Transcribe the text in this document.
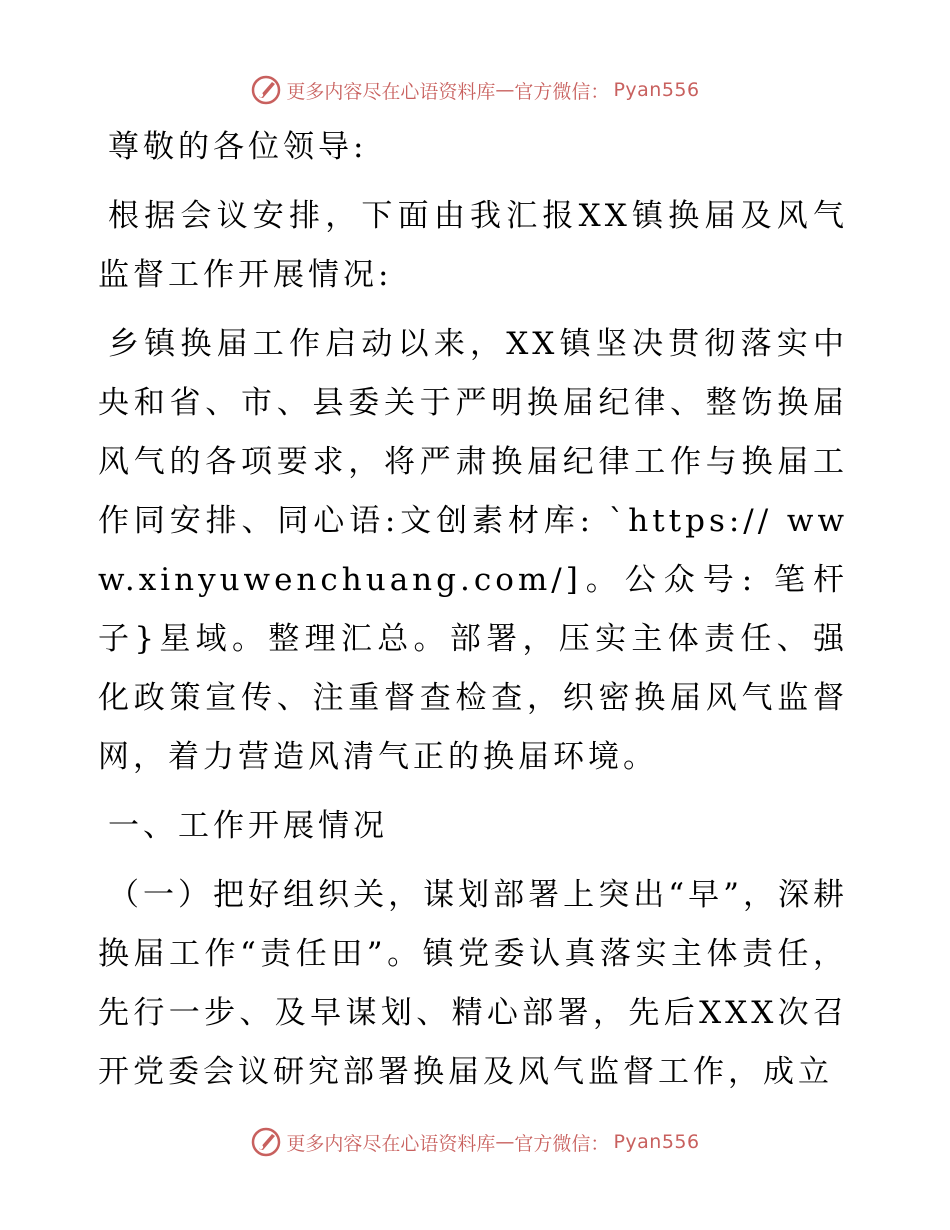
更多内容尽在心语资料库 — 官方微信 ： Pyan556

尊敬的各位领导:

根据会议安排，下面由我汇报XX镇换届及风气监督工作开展情况:

乡镇换届工作启动以来，XX镇坚决贯彻落实中央和省、市、县委关于严明换届纪律、整饬换届风气的各项要求，将严肃换届纪律工作与换届工作同安排、同心语:文创素材库: `https:// www.xinyuwenchuang.com/]。公众号: 笔杆子}星域。整理汇总。部署，压实主体责任、强化政策宣传、注重督查检查，织密换届风气监督网，着力营造风清气正的换届环境。

一、工作开展情况

（一）把好组织关，谋划部署上突出“早”，深耕换届工作“责任田”。镇党委认真落实主体责任，先行一步、及早谋划、精心部署，先后XXX次召开党委会议研究部署换届及风气监督工作，成立

更多内容尽在心语资料库 — 官方微信 ： Pyan556
